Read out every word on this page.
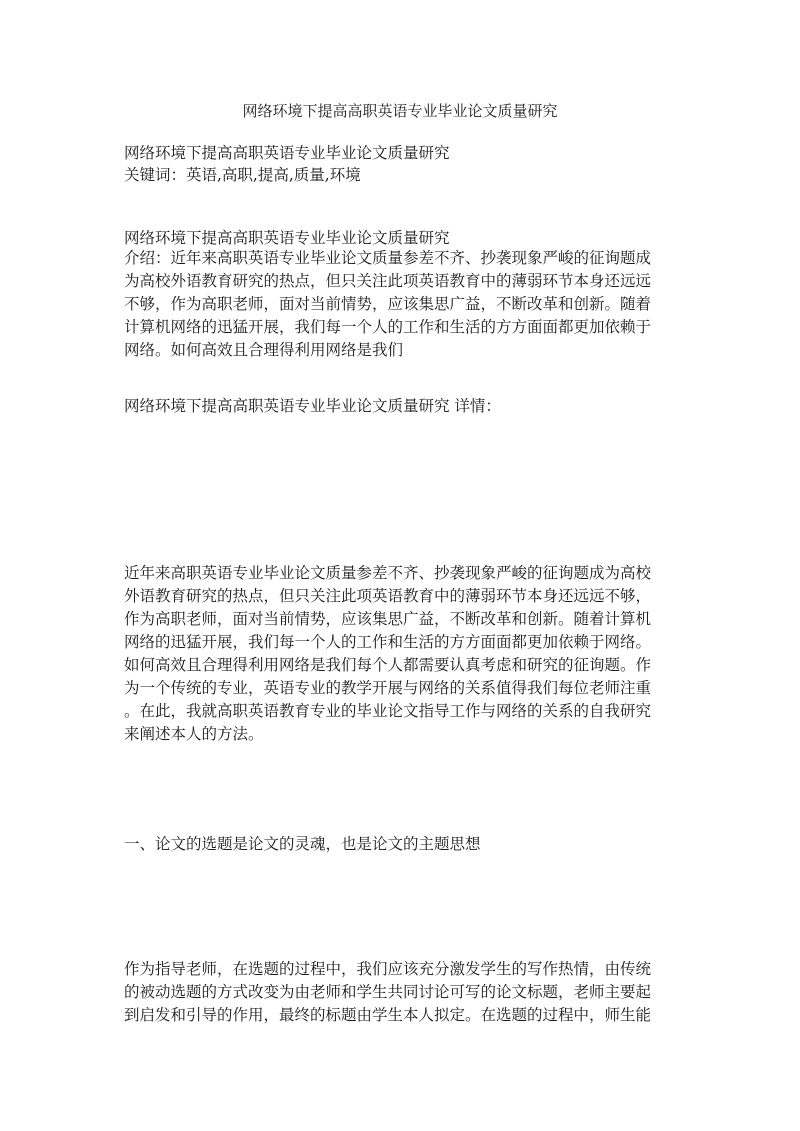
网络环境下提高高职英语专业毕业论文质量研究
网络环境下提高高职英语专业毕业论文质量研究
关键词：英语,高职,提高,质量,环境
网络环境下提高高职英语专业毕业论文质量研究
介绍：近年来高职英语专业毕业论文质量参差不齐、抄袭现象严峻的征询题成
为高校外语教育研究的热点，但只关注此项英语教育中的薄弱环节本身还远远
不够，作为高职老师，面对当前情势，应该集思广益，不断改革和创新。随着
计算机网络的迅猛开展，我们每一个人的工作和生活的方方面面都更加依赖于
网络。如何高效且合理得利用网络是我们
网络环境下提高高职英语专业毕业论文质量研究 详情：
近年来高职英语专业毕业论文质量参差不齐、抄袭现象严峻的征询题成为高校
外语教育研究的热点，但只关注此项英语教育中的薄弱环节本身还远远不够，
作为高职老师，面对当前情势，应该集思广益，不断改革和创新。随着计算机
网络的迅猛开展，我们每一个人的工作和生活的方方面面都更加依赖于网络。
如何高效且合理得利用网络是我们每个人都需要认真考虑和研究的征询题。作
为一个传统的专业，英语专业的教学开展与网络的关系值得我们每位老师注重
。在此，我就高职英语教育专业的毕业论文指导工作与网络的关系的自我研究
来阐述本人的方法。
一、论文的选题是论文的灵魂，也是论文的主题思想
作为指导老师，在选题的过程中，我们应该充分激发学生的写作热情，由传统
的被动选题的方式改变为由老师和学生共同讨论可写的论文标题，老师主要起
到启发和引导的作用，最终的标题由学生本人拟定。在选题的过程中，师生能
